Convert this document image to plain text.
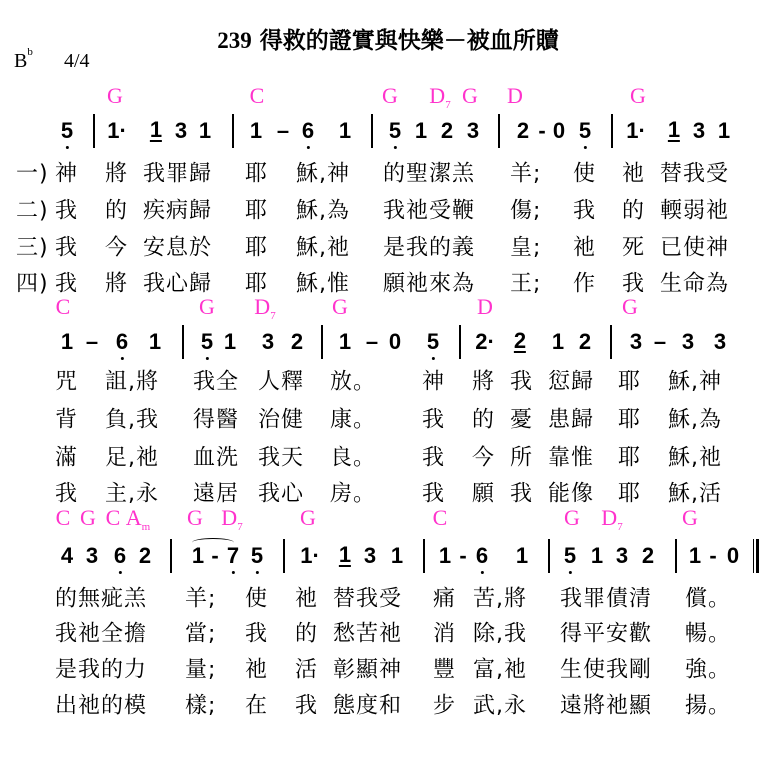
239 得救的證實與快樂－被血所贖
$B^b$ 4/4
G	C	G $D_7$ G D	G
5 1· 1 3 1 1 – 6 1 5 1 2 3 2 - 0 5 1· 1 3 1
一) 神 將 我罪歸 耶 穌,神 的聖潔羔 羊; 使 祂 替我受
二) 我 的 疾病歸 耶 穌,為 我祂受鞭 傷; 我 的 輭弱祂
三) 我 今 安息於 耶 穌,祂 是我的義 皇; 祂 死 已使神
四) 我 將 我心歸 耶 穌,惟 願祂來為 王; 作 我 生命為
C	G $D_7$	G	D	G
1 – 6 1 5 1 3 2 1 – 0 5 2· 2 1 2 3 – 3 3
咒 詛,將 我全 人釋 放。 神 將 我 愆歸 耶 穌,神
背 負,我 得醫 治健 康。 我 的 憂 患歸 耶 穌,為
滿 足,祂 血洗 我天 良。 我 今 所 靠惟 耶 穌,祂
我 主,永 遠居 我心 房。 我 願 我 能像 耶 穌,活
C G C $A_m$ G $D_7$	G	C	G $D_7$	G
4 3 6 2 1 - 7 5 1· 1 3 1 1 - 6 1 5 1 3 2 1 - 0
的無疵羔 羊; 使 祂 替我受 痛 苦,將 我罪債清 償。
我祂全擔 當; 我 的 愁苦祂 消 除,我 得平安歡 暢。
是我的力 量; 祂 活 彰顯神 豐 富,祂 生使我剛 強。
出祂的模 樣; 在 我 態度和 步 武,永 遠將祂顯 揚。
